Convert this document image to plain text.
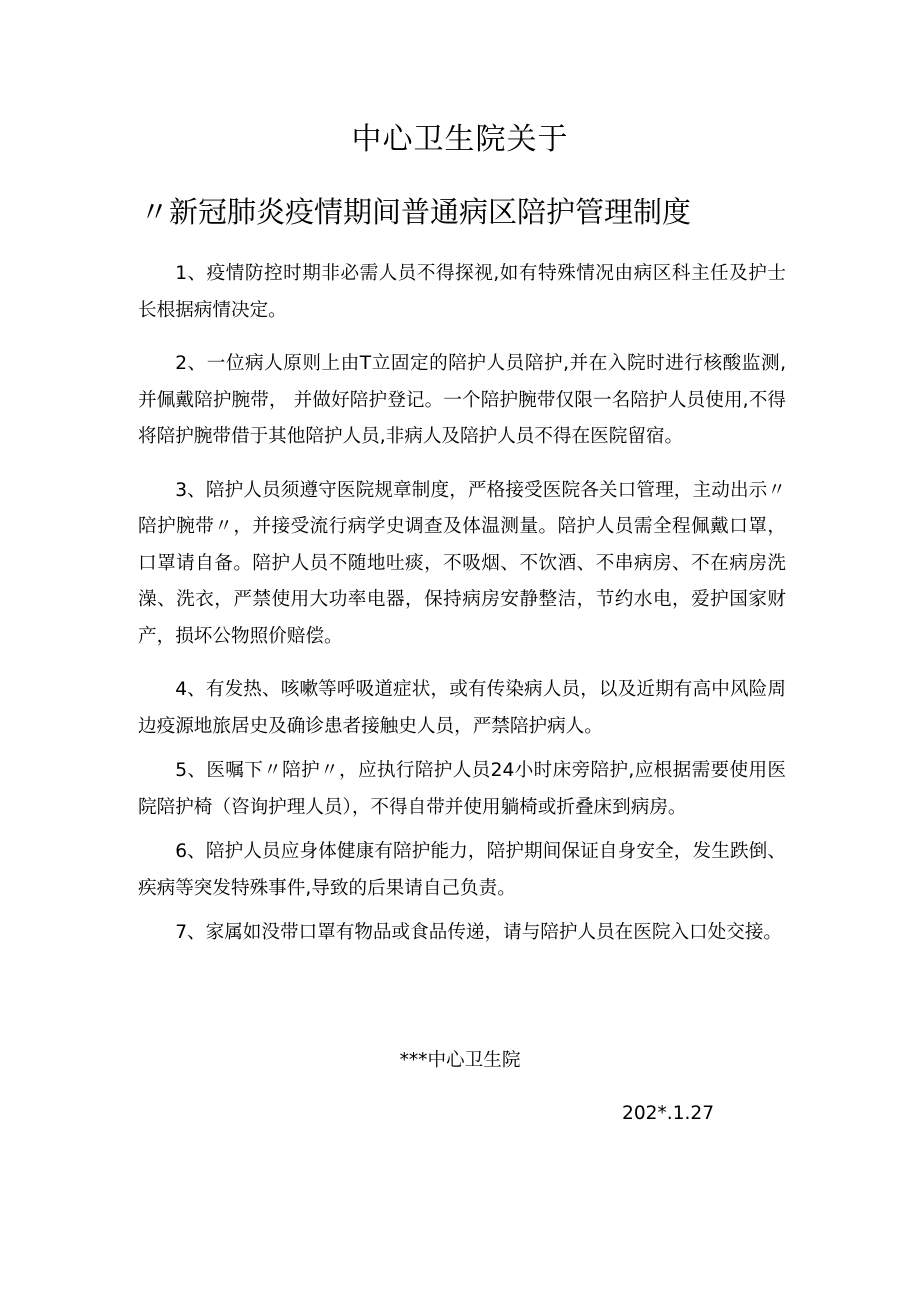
中心卫生院关于
〃新冠肺炎疫情期间普通病区陪护管理制度

1、疫情防控时期非必需人员不得探视,如有特殊情况由病区科主任及护士长根据病情决定。

2、一位病人原则上由T立固定的陪护人员陪护,并在入院时进行核酸监测,并佩戴陪护腕带， 并做好陪护登记。一个陪护腕带仅限一名陪护人员使用,不得将陪护腕带借于其他陪护人员,非病人及陪护人员不得在医院留宿。

3、陪护人员须遵守医院规章制度，严格接受医院各关口管理，主动出示〃陪护腕带〃，并接受流行病学史调查及体温测量。陪护人员需全程佩戴口罩，口罩请自备。陪护人员不随地吐痰，不吸烟、不饮酒、不串病房、不在病房洗澡、洗衣，严禁使用大功率电器，保持病房安静整洁，节约水电，爱护国家财产，损坏公物照价赔偿。

4、有发热、咳嗽等呼吸道症状，或有传染病人员，以及近期有高中风险周边疫源地旅居史及确诊患者接触史人员，严禁陪护病人。

5、医嘱下〃陪护〃，应执行陪护人员24小时床旁陪护,应根据需要使用医院陪护椅（咨询护理人员），不得自带并使用躺椅或折叠床到病房。

6、陪护人员应身体健康有陪护能力，陪护期间保证自身安全，发生跌倒、疾病等突发特殊事件,导致的后果请自己负责。

7、家属如没带口罩有物品或食品传递，请与陪护人员在医院入口处交接。

***中心卫生院
202*.1.27
